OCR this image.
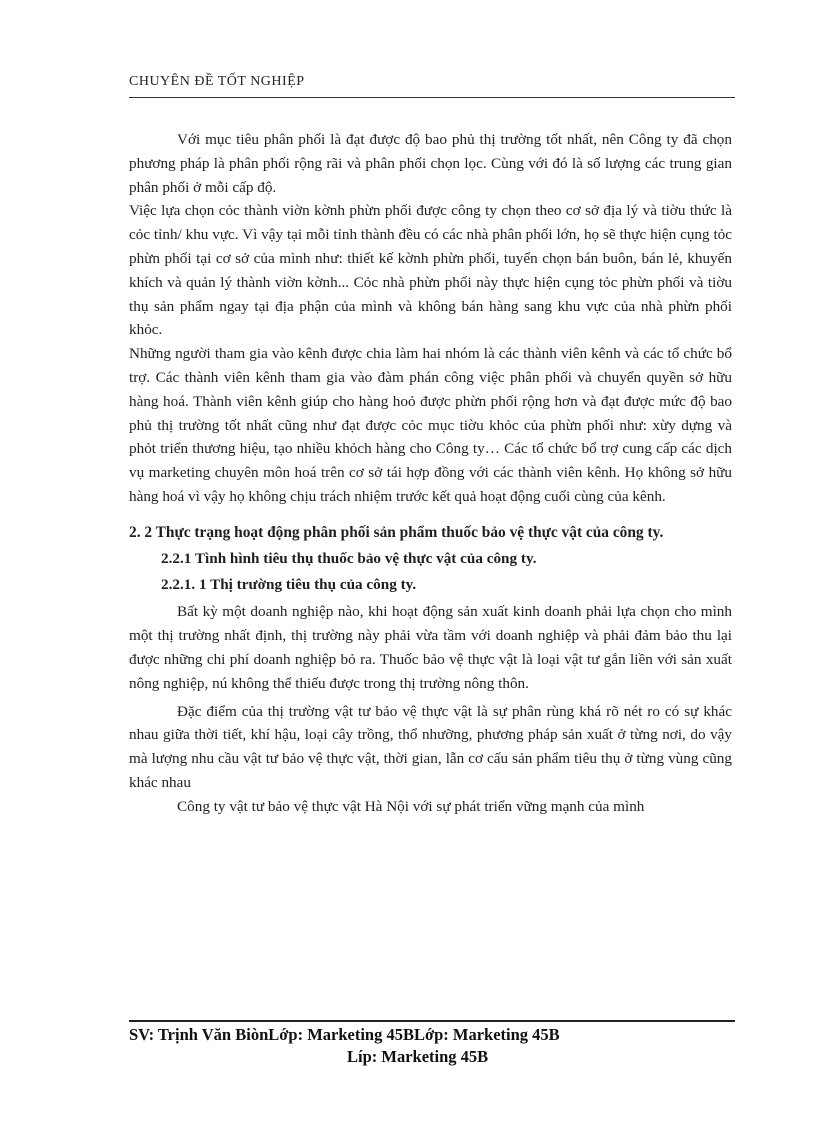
CHUYÊN ĐỀ TỐT NGHIỆP

Với mục tiêu phân phối là đạt được độ bao phủ thị trường tốt nhất, nên Công ty đã chọn phương pháp là phân phối rộng rãi và phân phối chọn lọc. Cùng với đó là số lượng các trung gian phân phối ở mỗi cấp độ.

Việc lựa chọn cỏc thành viờn kờnh phừn phối được công ty chọn theo cơ sở địa lý và tiờu thức là cỏc tỉnh/ khu vực. Vì vậy tại mỗi tỉnh thành đều có các nhà phân phối lớn, họ sẽ thực hiện cụng tỏc phừn phối tại cơ sở của mình như: thiết kế kờnh phừn phối, tuyển chọn bán buôn, bán lẻ, khuyến khích và quản lý thành viờn kờnh... Cỏc nhà phừn phối này thực hiện cụng tỏc phừn phối và tiờu thụ sản phẩm ngay tại địa phận của mình và không bán hàng sang khu vực của nhà phừn phối khỏc.

Những người tham gia vào kênh được chia làm hai nhóm là các thành viên kênh và các tổ chức bổ trợ. Các thành viên kênh tham gia vào đàm phán công việc phân phối và chuyển quyền sở hữu hàng hoá. Thành viên kênh giúp cho hàng hoỏ được phừn phối rộng hơn và đạt được mức độ bao phủ thị trường tốt nhất cũng như đạt được cỏc mục tiờu khỏc của phừn phối như: xừy dựng và phỏt triển thương hiệu, tạo nhiều khỏch hàng cho Công ty… Các tổ chức bổ trợ cung cấp các dịch vụ marketing chuyên môn hoá trên cơ sở tái hợp đồng với các thành viên kênh. Họ không sở hữu hàng hoá vì vậy họ không chịu trách nhiệm trước kết quả hoạt động cuối cùng của kênh.

2. 2 Thực trạng hoạt động phân phối sản phẩm thuốc bảo vệ thực vật của công ty.

2.2.1 Tình hình tiêu thụ thuốc bảo vệ thực vật của công ty.

2.2.1. 1 Thị trường tiêu thụ của công ty.

Bất kỳ một doanh nghiệp nào, khi hoạt động sản xuất kinh doanh phải lựa chọn cho mình một thị trường nhất định, thị trường này phải vừa tầm với doanh nghiệp và phải đảm bảo thu lại được những chi phí doanh nghiệp bỏ ra. Thuốc bảo vệ thực vật là loại vật tư gắn liền với sản xuất nông nghiệp, nú không thể thiếu được trong thị trường nông thôn.

Đặc điểm của thị trường vật tư bảo vệ thực vật là sự phân rùng khá rõ nét ro có sự khác nhau giữa thời tiết, khí hậu, loại cây trồng, thổ nhưỡng, phương pháp sản xuất ở từng nơi, do vậy mà lượng nhu cầu vật tư bảo vệ thực vật, thời gian, lẫn cơ cấu sản phẩm tiêu thụ ở từng vùng cũng khác nhau

Công ty vật tư bảo vệ thực vật Hà Nội với sự phát triển vững mạnh của mình

SV: Trịnh Văn BiònLớp: Marketing 45BLớp: Marketing 45B
Líp: Marketing 45B
